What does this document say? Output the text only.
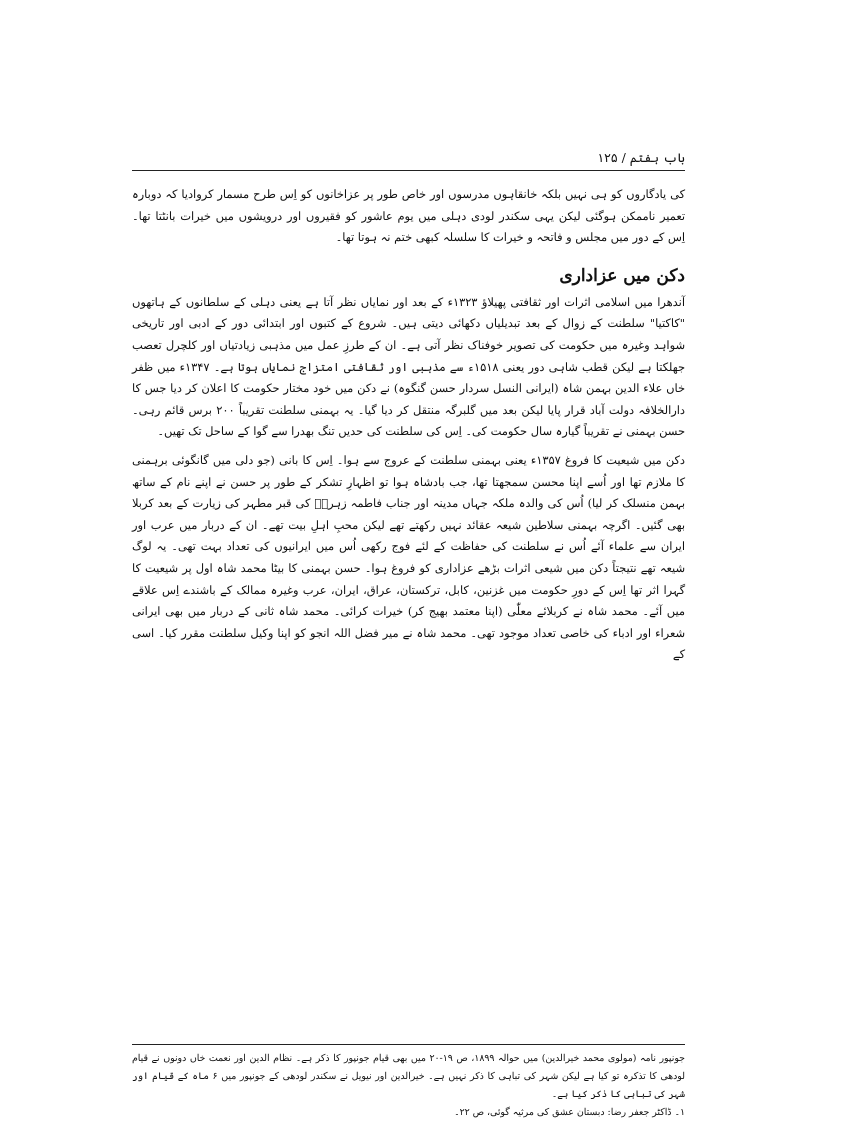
باب ہفتم / ۱۲۵

کی یادگاروں کو ہی نہیں بلکہ خانقاہوں مدرسوں اور خاص طور پر عزاخانوں کو اِس طرح مسمار کروادیا کہ دوبارہ تعمیر ناممکن ہوگئی لیکن یہی سکندر لودی دہلی میں یوم عاشور کو فقیروں اور درویشوں میں خیرات بانٹتا تھا۔ اِس کے دور میں مجلس و فاتحہ و خیرات کا سلسلہ کبھی ختم نہ ہوتا تھا۔

دکن میں عزاداری

آندھرا میں اسلامی اثرات اور ثقافتی پھیلاؤ ۱۳۲۳ء کے بعد اور نمایاں نظر آتا ہے یعنی دہلی کے سلطانوں کے ہاتھوں "کاکتیا" سلطنت کے زوال کے بعد تبدیلیاں دکھائی دیتی ہیں۔ شروع کے کتبوں اور ابتدائی دور کے ادبی اور تاریخی شواہد وغیرہ میں حکومت کی تصویر خوفناک نظر آتی ہے۔ ان کے طرزِ عمل میں مذہبی زیادتیاں اور کلچرل تعصب جھلکتا ہے لیکن قطب شاہی دور یعنی ۱۵۱۸ء سے مذہبی اور ثقافتی امتزاج نمایاں ہوتا ہے۔ ۱۳۴۷ء میں ظفر خاں علاء الدین بہمن شاہ (ایرانی النسل سردار حسن گنگوہ) نے دکن میں خود مختار حکومت کا اعلان کر دیا جس کا دارالخلافہ دولت آباد قرار پایا لیکن بعد میں گلبرگہ منتقل کر دیا گیا۔ یہ بہمنی سلطنت تقریباً ۲۰۰ برس قائم رہی۔ حسن بہمنی نے تقریباً گیارہ سال حکومت کی۔ اِس کی سلطنت کی حدیں تنگ بھدرا سے گوا کے ساحل تک تھیں۔

دکن میں شیعیت کا فروغ ۱۳۵۷ء یعنی بہمنی سلطنت کے عروج سے ہوا۔ اِس کا بانی (جو دلی میں گانگوئی برہمنی کا ملازم تھا اور اُسے اپنا محسن سمجھتا تھا، جب بادشاہ ہوا تو اظہارِ تشکر کے طور پر حسن نے اپنے نام کے ساتھ بہمن منسلک کر لیا) اُس کی والدہ ملکہ جہاں مدینہ اور جناب فاطمہ زہراؑ کی قبر مطہر کی زیارت کے بعد کربلا بھی گئیں۔ اگرچہ بہمنی سلاطین شیعہ عقائد نہیں رکھتے تھے لیکن محبِ اہلِ بیت تھے۔ ان کے دربار میں عرب اور ایران سے علماء آئے اُس نے سلطنت کی حفاظت کے لئے فوج رکھی اُس میں ایرانیوں کی تعداد بہت تھی۔ یہ لوگ شیعہ تھے نتیجتاً دکن میں شیعی اثرات بڑھے عزاداری کو فروغ ہوا۔ حسن بہمنی کا بیٹا محمد شاہ اول پر شیعیت کا گہرا اثر تھا اِس کے دورِ حکومت میں غزنین، کابل، ترکستان، عراق، ایران، عرب وغیرہ ممالک کے باشندے اِس علاقے میں آئے۔ محمد شاہ نے کربلائے معلّٰی (اپنا معتمد بھیج کر) خیرات کرائی۔ محمد شاہ ثانی کے دربار میں بھی ایرانی شعراء اور ادباء کی خاصی تعداد موجود تھی۔ محمد شاہ نے میر فضل اللہ انجو کو اپنا وکیل سلطنت مقرر کیا۔ اسی کے

جونپور نامہ (مولوی محمد خیرالدین) میں حوالہ ۱۸۹۹، ص ۱۹-۲۰ میں بھی قیام جونپور کا ذکر ہے۔ نظام الدین اور نعمت خاں دونوں نے قیام لودھی کا تذکرہ تو کیا ہے لیکن شہر کی تباہی کا ذکر نہیں ہے۔ خیرالدین اور نیویل نے سکندر لودھی کے جونپور میں ۶ ماہ کے قیام اور شہر کی تباہی کا ذکر کیا ہے۔

۱۔ ڈاکٹر جعفر رضا: دبستان عشق کی مرثیہ گوئی، ص ۲۲۔
